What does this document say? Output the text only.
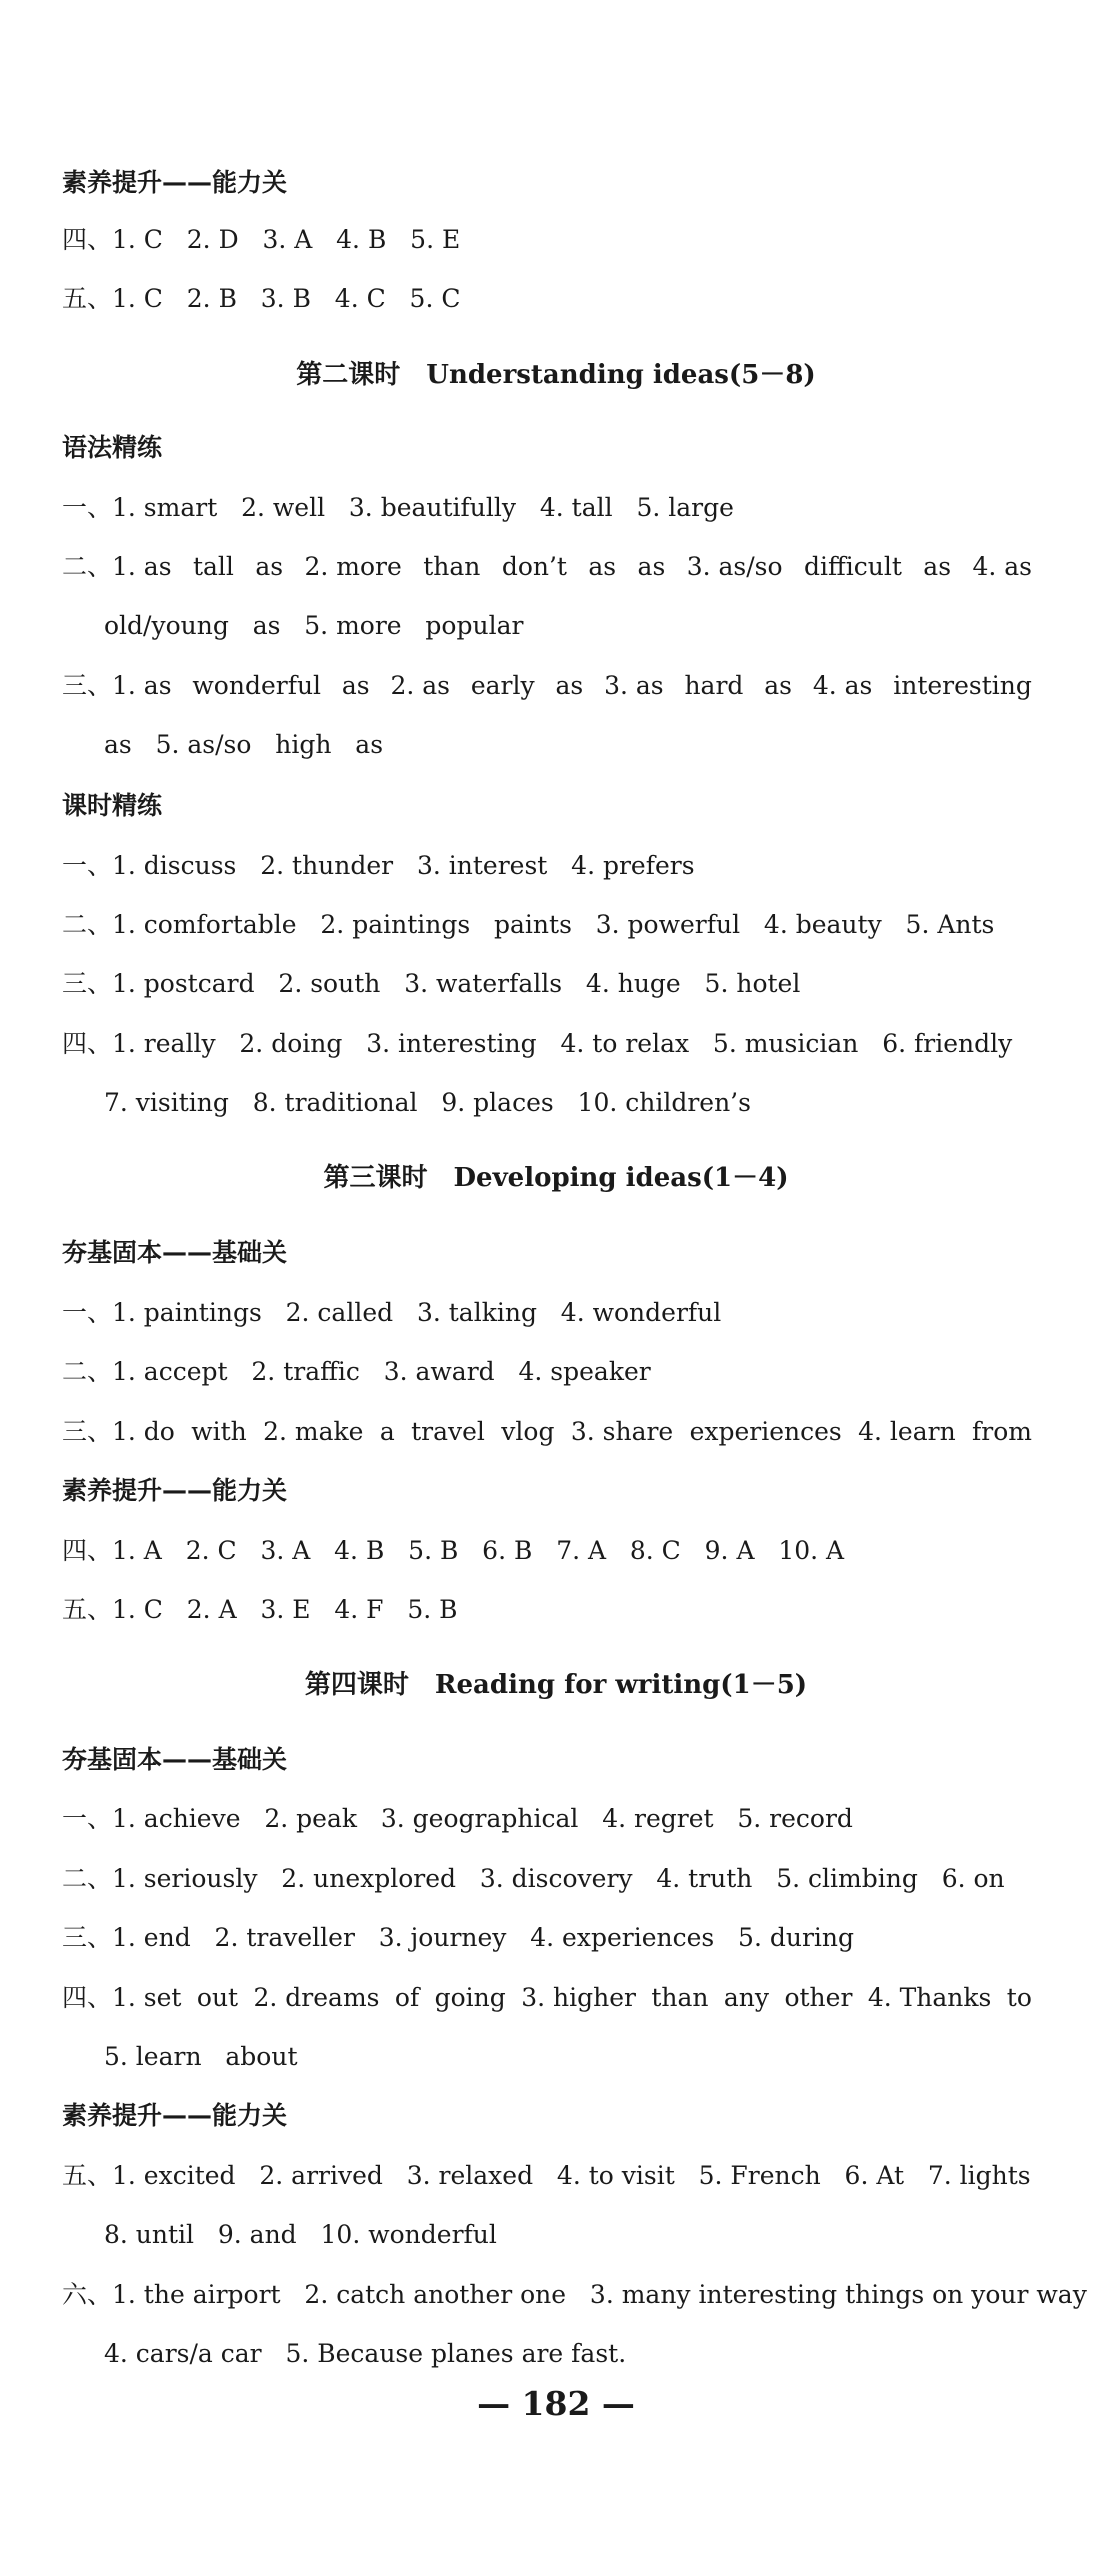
素养提升——能力关
四、1. C   2. D   3. A   4. B   5. E
五、1. C   2. B   3. B   4. C   5. C
第二课时 Understanding ideas(5－8)
语法精练
一、1. smart   2. well   3. beautifully   4. tall   5. large
二、1. as tall as 2. more than don’t as as 3. as/so difficult as 4. as
old/young   as   5. more   popular
三、1. as wonderful as 2. as early as 3. as hard as 4. as interesting
as   5. as/so   high   as
课时精练
一、1. discuss   2. thunder   3. interest   4. prefers
二、1. comfortable   2. paintings   paints   3. powerful   4. beauty   5. Ants
三、1. postcard   2. south   3. waterfalls   4. huge   5. hotel
四、1. really   2. doing   3. interesting   4. to relax   5. musician   6. friendly
7. visiting   8. traditional   9. places   10. children’s
第三课时 Developing ideas(1－4)
夯基固本——基础关
一、1. paintings   2. called   3. talking   4. wonderful
二、1. accept   2. traffic   3. award   4. speaker
三、1. do with 2. make a travel vlog 3. share experiences 4. learn from
素养提升——能力关
四、1. A   2. C   3. A   4. B   5. B   6. B   7. A   8. C   9. A   10. A
五、1. C   2. A   3. E   4. F   5. B
第四课时 Reading for writing(1－5)
夯基固本——基础关
一、1. achieve   2. peak   3. geographical   4. regret   5. record
二、1. seriously   2. unexplored   3. discovery   4. truth   5. climbing   6. on
三、1. end   2. traveller   3. journey   4. experiences   5. during
四、1. set out 2. dreams of going 3. higher than any other 4. Thanks to
5. learn   about
素养提升——能力关
五、1. excited   2. arrived   3. relaxed   4. to visit   5. French   6. At   7. lights
8. until   9. and   10. wonderful
六、1. the airport   2. catch another one   3. many interesting things on your way
4. cars/a car   5. Because planes are fast.
— 182 —
